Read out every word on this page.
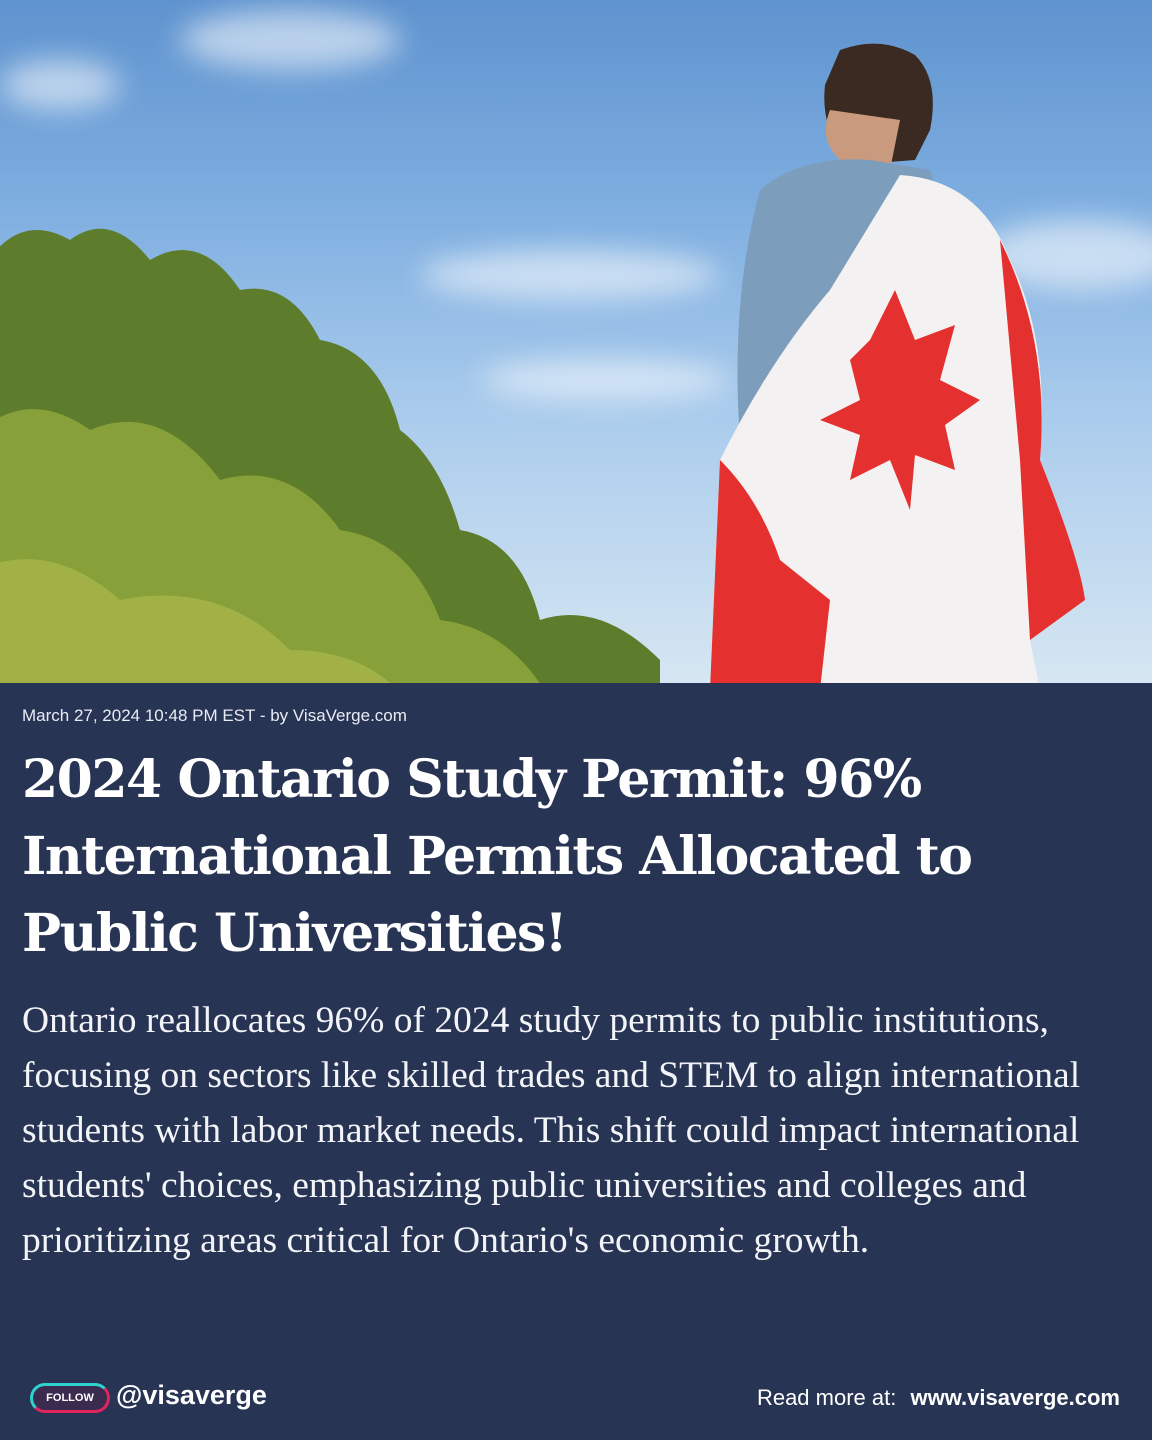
March 27, 2024 10:48 PM EST - by VisaVerge.com
2024 Ontario Study Permit: 96% International Permits Allocated to Public Universities!

Ontario reallocates 96% of 2024 study permits to public institutions, focusing on sectors like skilled trades and STEM to align international students with labor market needs. This shift could impact international students' choices, emphasizing public universities and colleges and prioritizing areas critical for Ontario's economic growth.

FOLLOW @visaverge	Read more at: www.visaverge.com
